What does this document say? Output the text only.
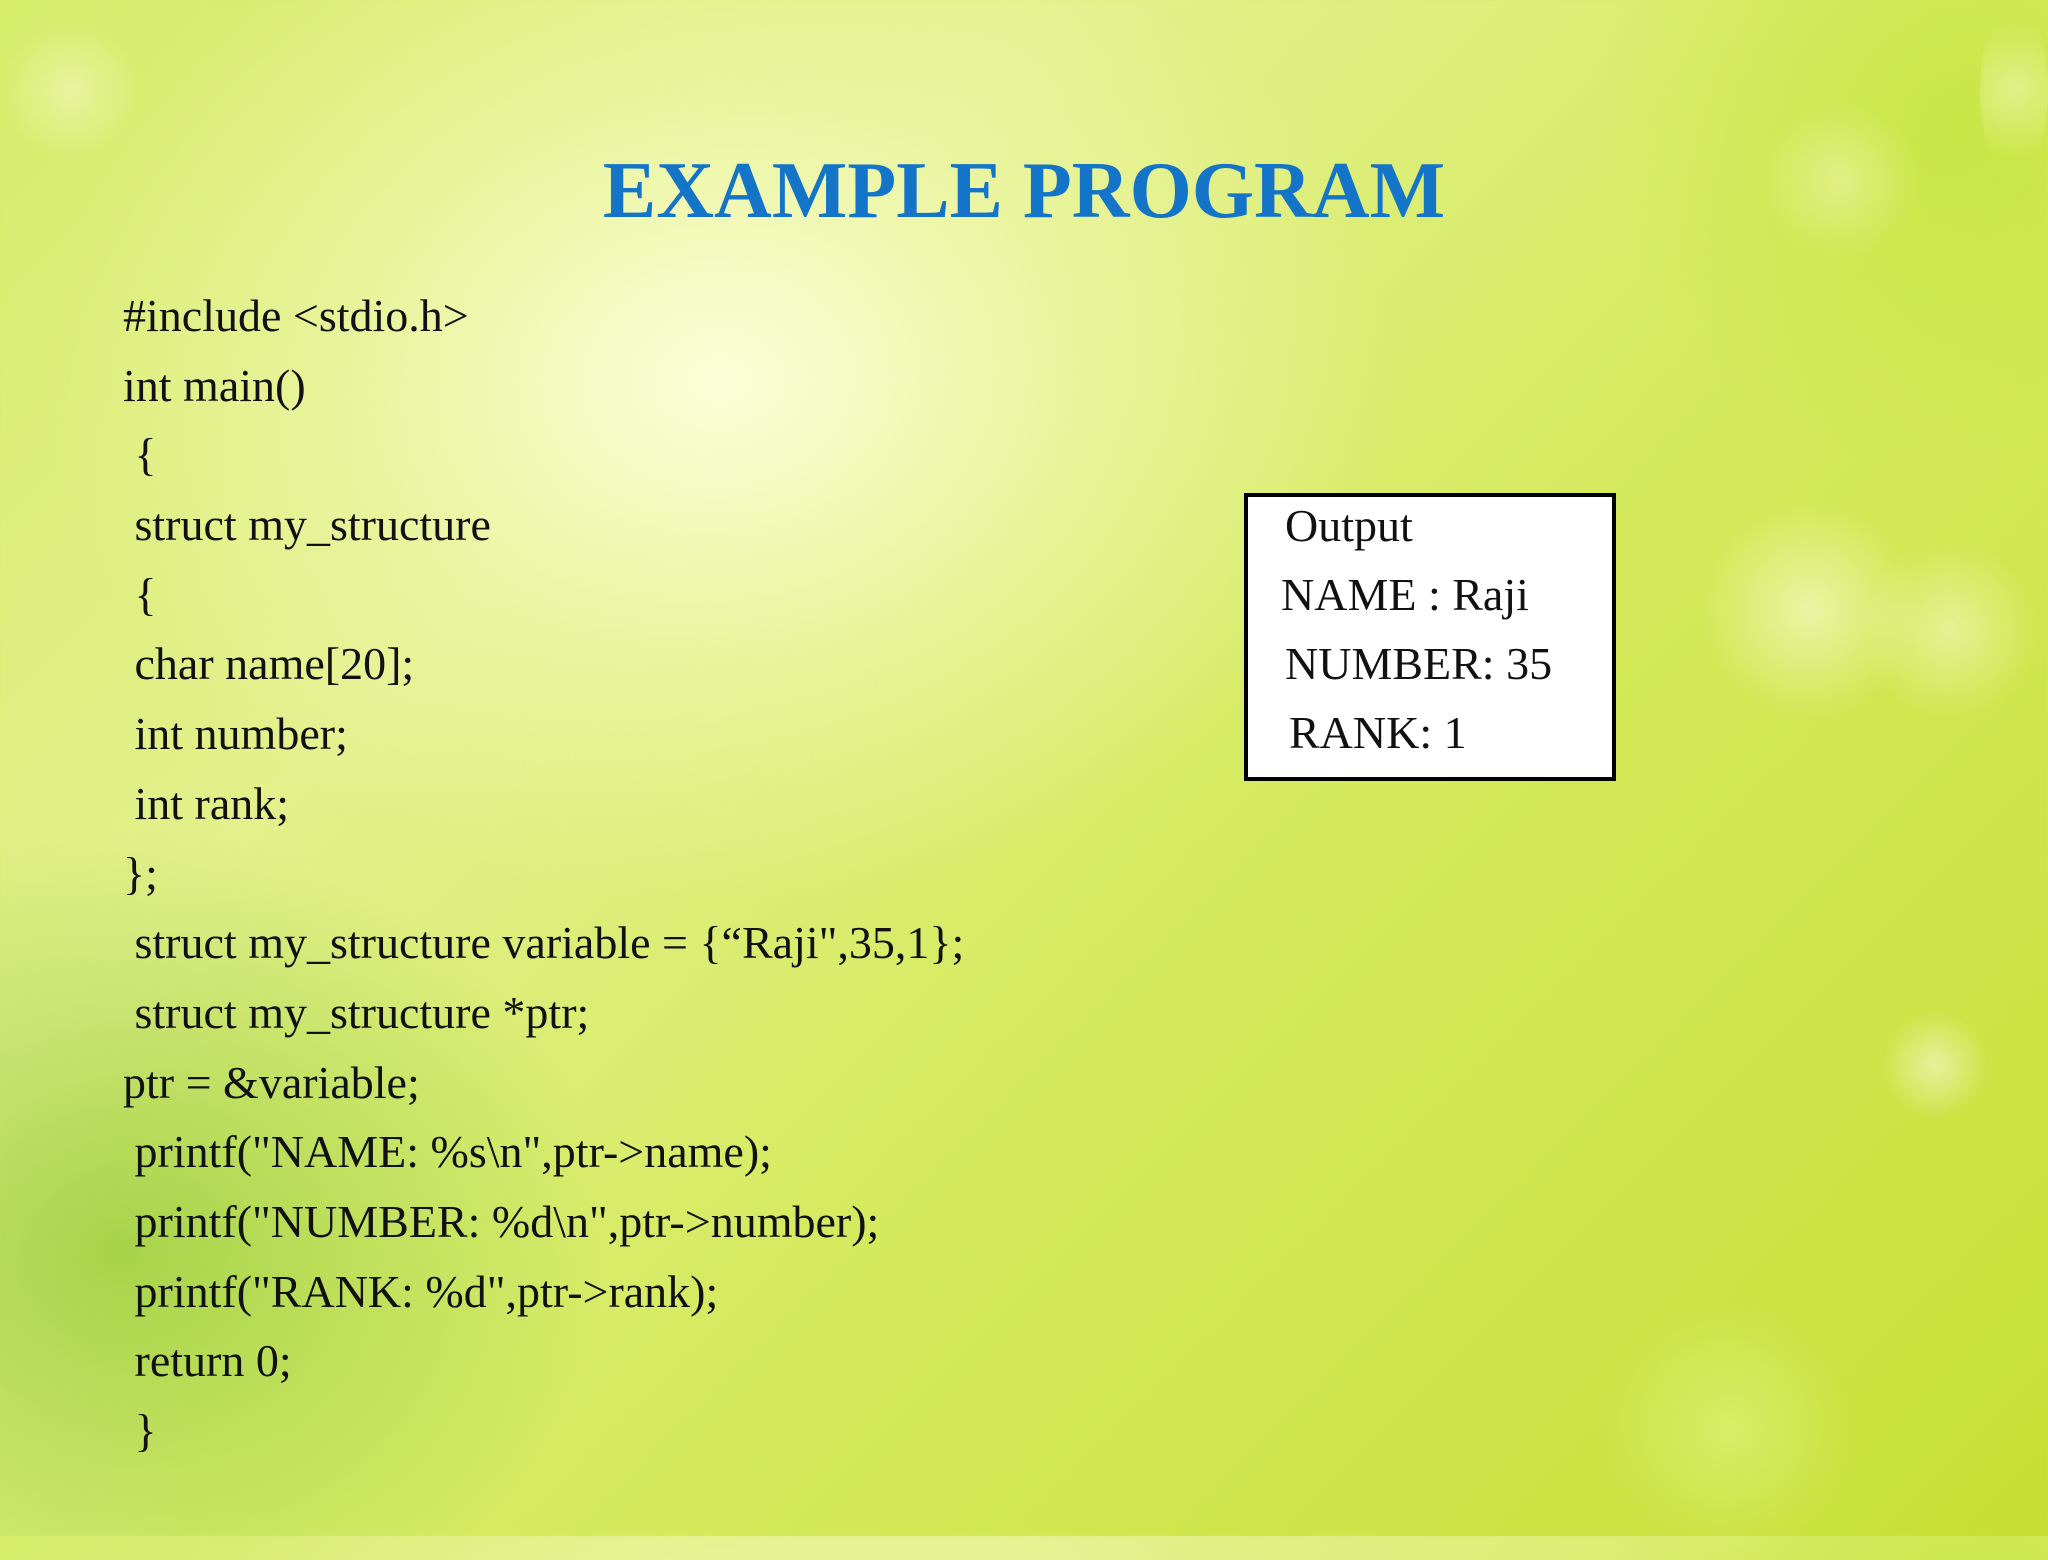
EXAMPLE PROGRAM
#include <stdio.h>
int main()
{
struct my_structure
{
char name[20];
int number;
int rank;
};
struct my_structure variable = {“Raji",35,1};
struct my_structure *ptr;
ptr = &variable;
printf("NAME: %s\n",ptr->name);
printf("NUMBER: %d\n",ptr->number);
printf("RANK: %d",ptr->rank);
return 0;
}
Output
NAME : Raji
NUMBER: 35
RANK: 1
